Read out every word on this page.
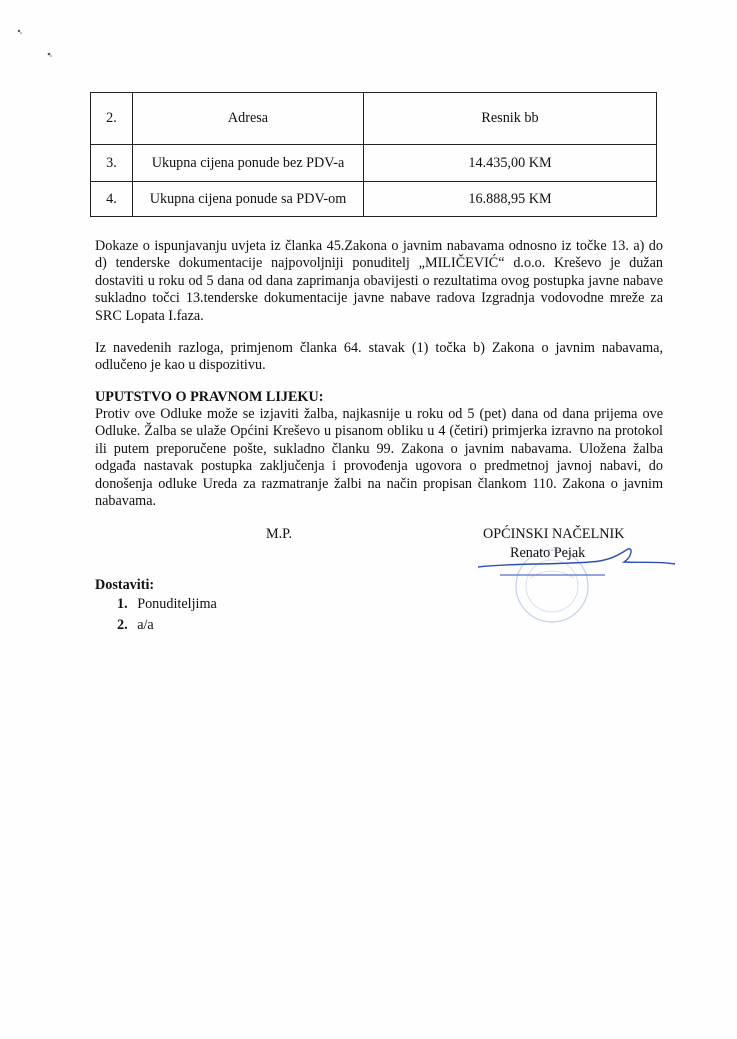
2.	Adresa	Resnik bb
3.	Ukupna cijena ponude bez PDV-a	14.435,00 KM
4.	Ukupna cijena ponude sa PDV-om	16.888,95 KM

Dokaze o ispunjavanju uvjeta iz članka 45.Zakona o javnim nabavama odnosno iz točke 13. a) do d) tenderske dokumentacije najpovoljniji ponuditelj „MILIČEVIĆ“ d.o.o. Kreševo je dužan dostaviti u roku od 5 dana od dana zaprimanja obavijesti o rezultatima ovog postupka javne nabave sukladno točci 13.tenderske dokumentacije javne nabave radova Izgradnja vodovodne mreže za SRC Lopata I.faza.

Iz navedenih razloga, primjenom članka 64. stavak (1) točka b) Zakona o javnim nabavama, odlučeno je kao u dispozitivu.

UPUTSTVO O PRAVNOM LIJEKU:

Protiv ove Odluke može se izjaviti žalba, najkasnije u roku od 5 (pet) dana od dana prijema ove Odluke. Žalba se ulaže Općini Kreševo u pisanom obliku u 4 (četiri) primjerka izravno na protokol ili putem preporučene pošte, sukladno članku 99. Zakona o javnim nabavama. Uložena žalba odgađa nastavak postupka zaključenja i provođenja ugovora o predmetnoj javnoj nabavi, do donošenja odluke Ureda za razmatranje žalbi na način propisan člankom 110. Zakona o javnim nabavama.

M.P.	OPĆINSKI NAČELNIK
Renato Pejak
Dostaviti:
1. Ponuditeljima
2. a/a
